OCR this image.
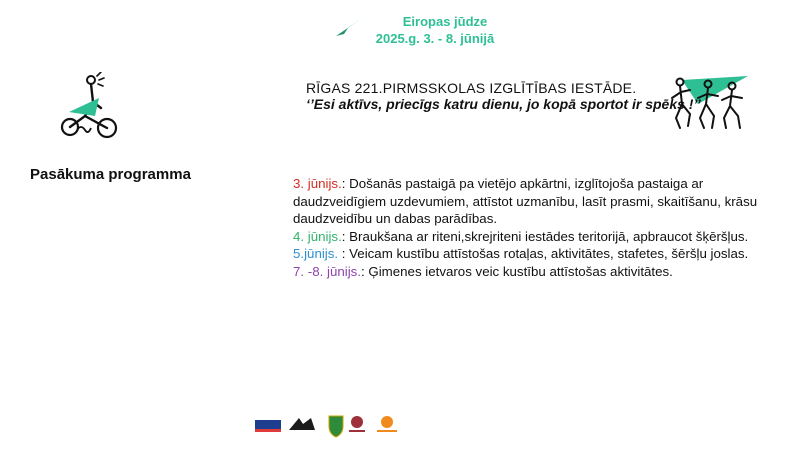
Eiropas jūdze
2025.g. 3. - 8. jūnijā
RĪGAS 221.PIRMSSKOLAS IZGLĪTĪBAS IESTĀDE.
‘’Esi aktīvs, priecīgs katru dienu, jo kopā sportot ir spēks !’’
Pasākuma programma

3. jūnijs.: Došanās pastaigā pa vietējo apkārtni, izglītojoša pastaiga ar daudzveidīgiem uzdevumiem, attīstot uzmanību, lasīt prasmi, skaitīšanu, krāsu daudzveidību un dabas parādības.

4. jūnijs.: Braukšana ar riteni,skrejriteni iestādes teritorijā, apbraucot šķēršļus.

5.jūnijs. : Veicam kustību attīstošas rotaļas, aktivitātes, stafetes, šēršļu joslas.

7. -8. jūnijs.: Ģimenes ietvaros veic kustību attīstošas aktivitātes.
